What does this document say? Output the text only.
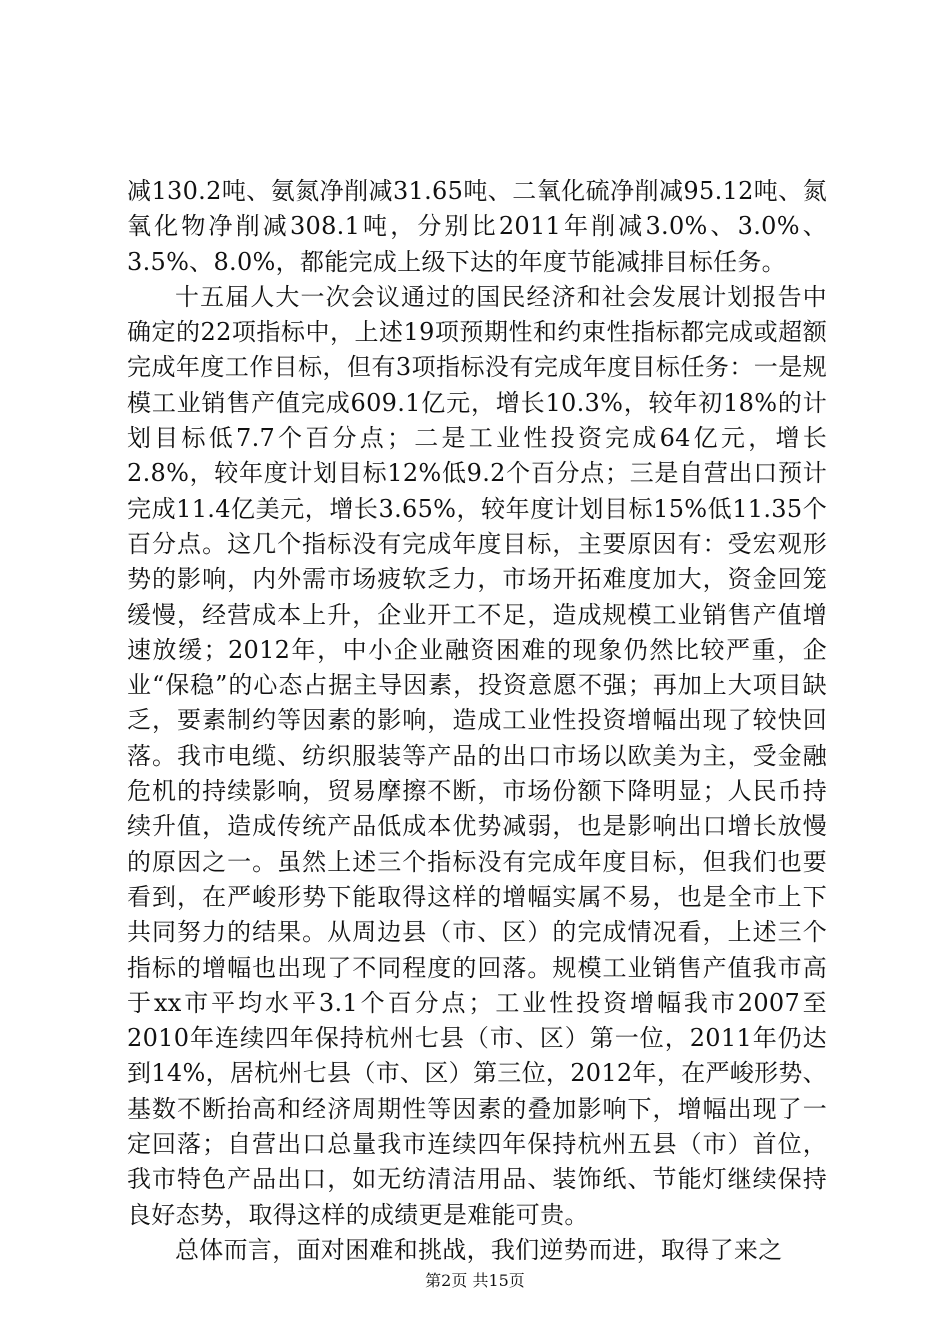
减130.2吨、氨氮净削减31.65吨、二氧化硫净削减95.12吨、氮氧化物净削减308.1吨，分别比2011年削减3.0%、3.0%、3.5%、8.0%，都能完成上级下达的年度节能减排目标任务。

十五届人大一次会议通过的国民经济和社会发展计划报告中确定的22项指标中，上述19项预期性和约束性指标都完成或超额完成年度工作目标，但有3项指标没有完成年度目标任务：一是规模工业销售产值完成609.1亿元，增长10.3%，较年初18%的计划目标低7.7个百分点；二是工业性投资完成64亿元，增长2.8%，较年度计划目标12%低9.2个百分点；三是自营出口预计完成11.4亿美元，增长3.65%，较年度计划目标15%低11.35个百分点。这几个指标没有完成年度目标，主要原因有：受宏观形势的影响，内外需市场疲软乏力，市场开拓难度加大，资金回笼缓慢，经营成本上升，企业开工不足，造成规模工业销售产值增速放缓；2012年，中小企业融资困难的现象仍然比较严重，企业“保稳”的心态占据主导因素，投资意愿不强；再加上大项目缺乏，要素制约等因素的影响，造成工业性投资增幅出现了较快回落。我市电缆、纺织服装等产品的出口市场以欧美为主，受金融危机的持续影响，贸易摩擦不断，市场份额下降明显；人民币持续升值，造成传统产品低成本优势减弱，也是影响出口增长放慢的原因之一。虽然上述三个指标没有完成年度目标，但我们也要看到，在严峻形势下能取得这样的增幅实属不易，也是全市上下共同努力的结果。从周边县（市、区）的完成情况看，上述三个指标的增幅也出现了不同程度的回落。规模工业销售产值我市高于xx市平均水平3.1个百分点；工业性投资增幅我市2007至2010年连续四年保持杭州七县（市、区）第一位，2011年仍达到14%，居杭州七县（市、区）第三位，2012年，在严峻形势、基数不断抬高和经济周期性等因素的叠加影响下，增幅出现了一定回落；自营出口总量我市连续四年保持杭州五县（市）首位，我市特色产品出口，如无纺清洁用品、装饰纸、节能灯继续保持良好态势，取得这样的成绩更是难能可贵。

总体而言，面对困难和挑战，我们逆势而进，取得了来之

第2页 共15页
